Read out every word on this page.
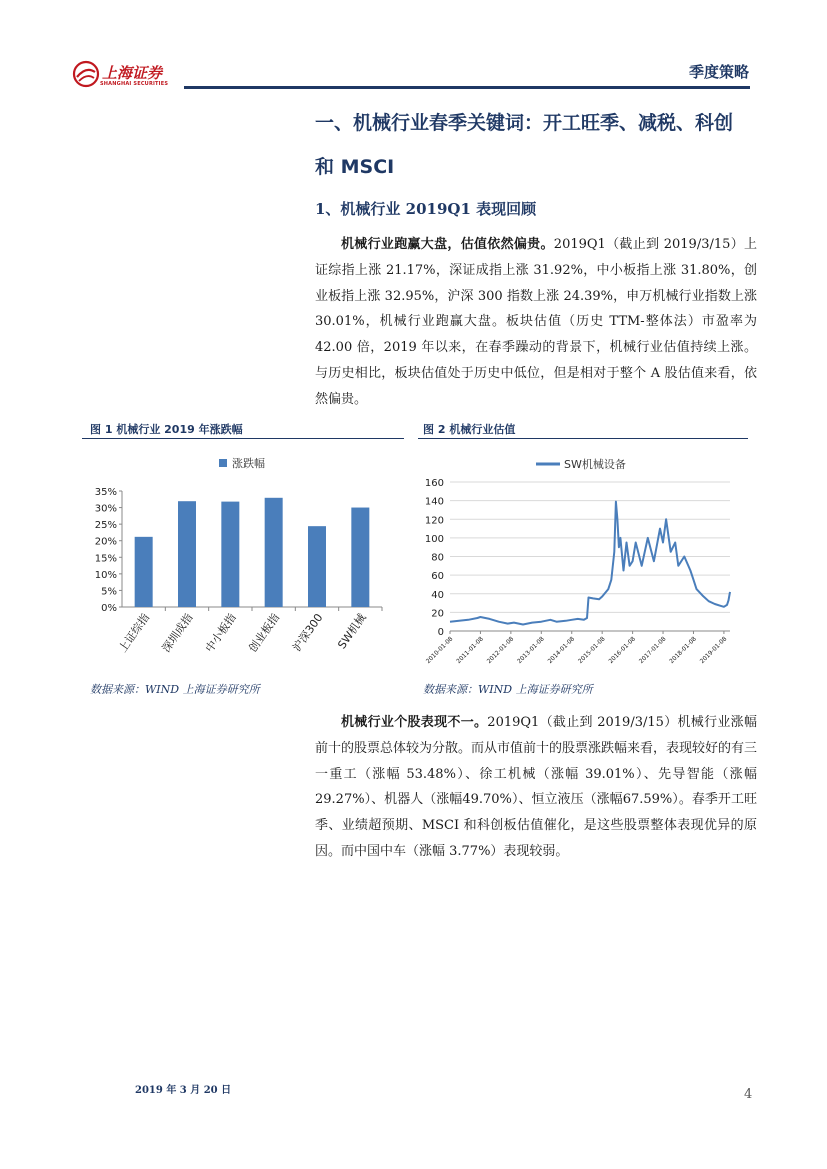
上海证券
SHANGHAI SECURITIES
季度策略
一、机械行业春季关键词：开工旺季、减税、科创
和 MSCI
1、机械行业 2019Q1 表现回顾

机械行业跑赢大盘，估值依然偏贵。2019Q1（截止到 2019/3/15）上证综指上涨 21.17%，深证成指上涨 31.92%，中小板指上涨 31.80%，创业板指上涨 32.95%，沪深 300 指数上涨 24.39%，申万机械行业指数上涨 30.01%，机械行业跑赢大盘。板块估值（历史 TTM-整体法）市盈率为 42.00 倍，2019 年以来，在春季躁动的背景下，机械行业估值持续上涨。与历史相比，板块估值处于历史中低位，但是相对于整个 A 股估值来看，依然偏贵。

图 1 机械行业 2019 年涨跌幅	图 2 机械行业估值
涨跌幅
0%
5%
10%
15%
20%
25%
30%
35%
上证综指 深圳成指 中小板指 创业板指 沪深300 SW机械
SW机械设备
0
20
40
60
80
100
120
140
160
2010-01-08 2011-01-08 2012-01-08 2013-01-08 2014-01-08 2015-01-08 2016-01-08 2017-01-08 2018-01-08 2019-01-08
数据来源：WIND 上海证券研究所	数据来源：WIND 上海证券研究所

机械行业个股表现不一。2019Q1（截止到 2019/3/15）机械行业涨幅前十的股票总体较为分散。而从市值前十的股票涨跌幅来看，表现较好的有三一重工（涨幅 53.48%）、徐工机械（涨幅 39.01%）、先导智能（涨幅29.27%）、机器人（涨幅49.70%）、恒立液压（涨幅67.59%）。春季开工旺季、业绩超预期、MSCI 和科创板估值催化，是这些股票整体表现优异的原因。而中国中车（涨幅 3.77%）表现较弱。

2019 年 3 月 20 日	4
